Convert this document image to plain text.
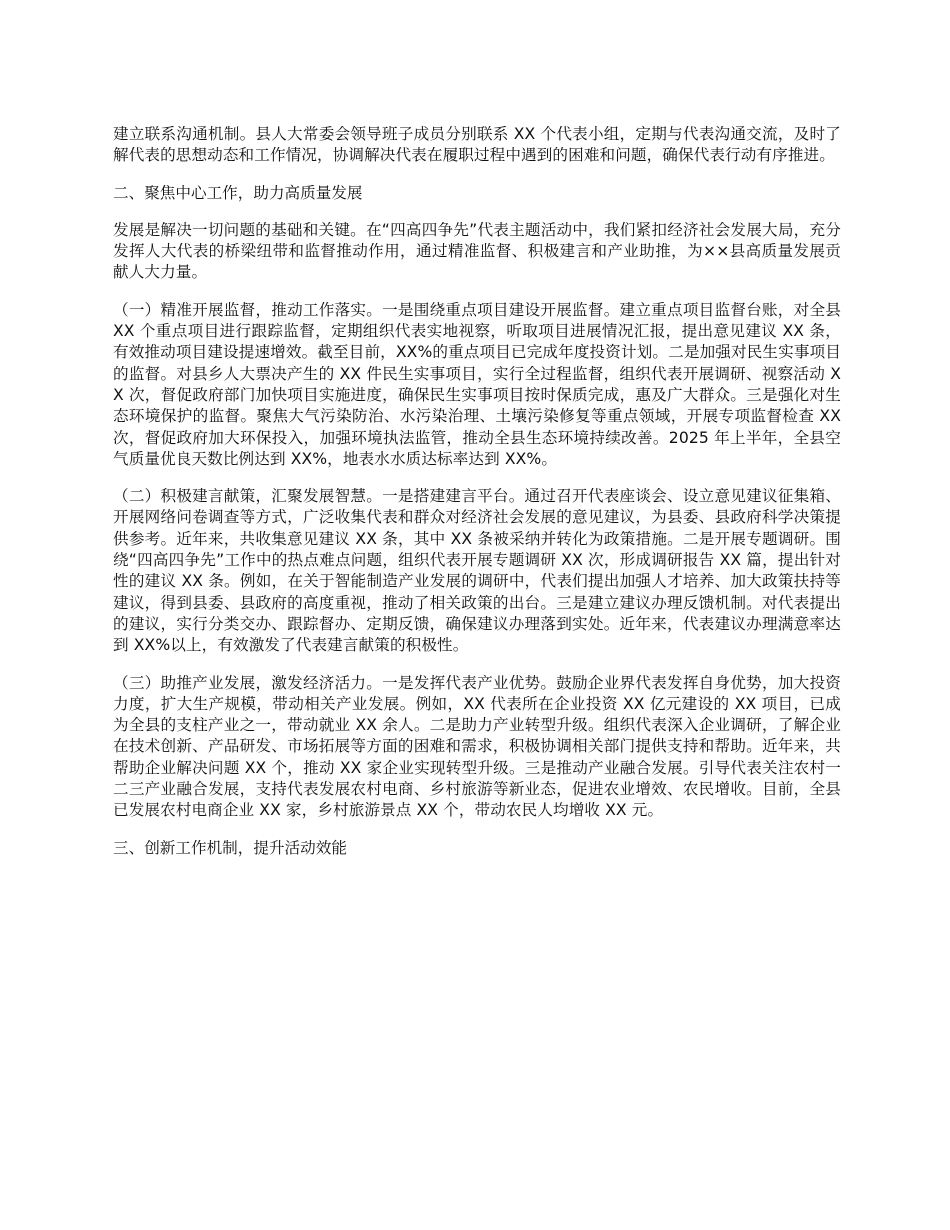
建立联系沟通机制。县人大常委会领导班子成员分别联系 XX 个代表小组，定期与代表沟通交流，及时了解代表的思想动态和工作情况，协调解决代表在履职过程中遇到的困难和问题，确保代表行动有序推进。

二、聚焦中心工作，助力高质量发展

发展是解决一切问题的基础和关键。在“四高四争先”代表主题活动中，我们紧扣经济社会发展大局，充分发挥人大代表的桥梁纽带和监督推动作用，通过精准监督、积极建言和产业助推，为××县高质量发展贡献人大力量。

（一）精准开展监督，推动工作落实。一是围绕重点项目建设开展监督。建立重点项目监督台账，对全县 XX 个重点项目进行跟踪监督，定期组织代表实地视察，听取项目进展情况汇报，提出意见建议 XX 条，有效推动项目建设提速增效。截至目前，XX%的重点项目已完成年度投资计划。二是加强对民生实事项目的监督。对县乡人大票决产生的 XX 件民生实事项目，实行全过程监督，组织代表开展调研、视察活动 XX 次，督促政府部门加快项目实施进度，确保民生实事项目按时保质完成，惠及广大群众。三是强化对生态环境保护的监督。聚焦大气污染防治、水污染治理、土壤污染修复等重点领域，开展专项监督检查 XX 次，督促政府加大环保投入，加强环境执法监管，推动全县生态环境持续改善。2025 年上半年，全县空气质量优良天数比例达到 XX%，地表水水质达标率达到 XX%。

（二）积极建言献策，汇聚发展智慧。一是搭建建言平台。通过召开代表座谈会、设立意见建议征集箱、开展网络问卷调查等方式，广泛收集代表和群众对经济社会发展的意见建议，为县委、县政府科学决策提供参考。近年来，共收集意见建议 XX 条，其中 XX 条被采纳并转化为政策措施。二是开展专题调研。围绕“四高四争先”工作中的热点难点问题，组织代表开展专题调研 XX 次，形成调研报告 XX 篇，提出针对性的建议 XX 条。例如，在关于智能制造产业发展的调研中，代表们提出加强人才培养、加大政策扶持等建议，得到县委、县政府的高度重视，推动了相关政策的出台。三是建立建议办理反馈机制。对代表提出的建议，实行分类交办、跟踪督办、定期反馈，确保建议办理落到实处。近年来，代表建议办理满意率达到 XX%以上，有效激发了代表建言献策的积极性。

（三）助推产业发展，激发经济活力。一是发挥代表产业优势。鼓励企业界代表发挥自身优势，加大投资力度，扩大生产规模，带动相关产业发展。例如，XX 代表所在企业投资 XX 亿元建设的 XX 项目，已成为全县的支柱产业之一，带动就业 XX 余人。二是助力产业转型升级。组织代表深入企业调研，了解企业在技术创新、产品研发、市场拓展等方面的困难和需求，积极协调相关部门提供支持和帮助。近年来，共帮助企业解决问题 XX 个，推动 XX 家企业实现转型升级。三是推动产业融合发展。引导代表关注农村一二三产业融合发展，支持代表发展农村电商、乡村旅游等新业态，促进农业增效、农民增收。目前，全县已发展农村电商企业 XX 家，乡村旅游景点 XX 个，带动农民人均增收 XX 元。

三、创新工作机制，提升活动效能
